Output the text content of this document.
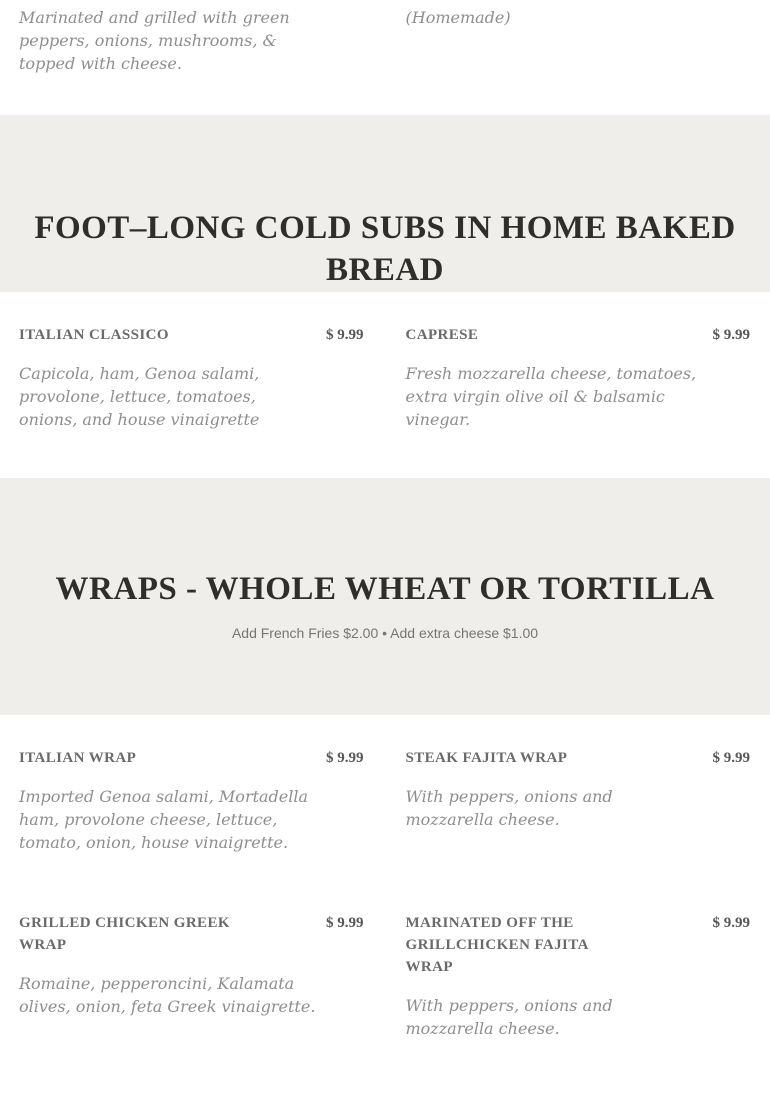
Marinated and grilled with green peppers, onions, mushrooms, & topped with cheese.
(Homemade)
FOOT–LONG COLD SUBS IN HOME BAKED BREAD
ITALIAN CLASSICO	$ 9.99
Capicola, ham, Genoa salami, provolone, lettuce, tomatoes, onions, and house vinaigrette
CAPRESE	$ 9.99
Fresh mozzarella cheese, tomatoes, extra virgin olive oil & balsamic vinegar.
WRAPS - WHOLE WHEAT OR TORTILLA
Add French Fries $2.00 • Add extra cheese $1.00
ITALIAN WRAP	$ 9.99
Imported Genoa salami, Mortadella ham, provolone cheese, lettuce, tomato, onion, house vinaigrette.
STEAK FAJITA WRAP	$ 9.99
With peppers, onions and mozzarella cheese.
GRILLED CHICKEN GREEK WRAP
$ 9.99
Romaine, pepperoncini, Kalamata olives, onion, feta Greek vinaigrette.
MARINATED OFF THE GRILLCHICKEN FAJITA WRAP
$ 9.99
With peppers, onions and mozzarella cheese.
